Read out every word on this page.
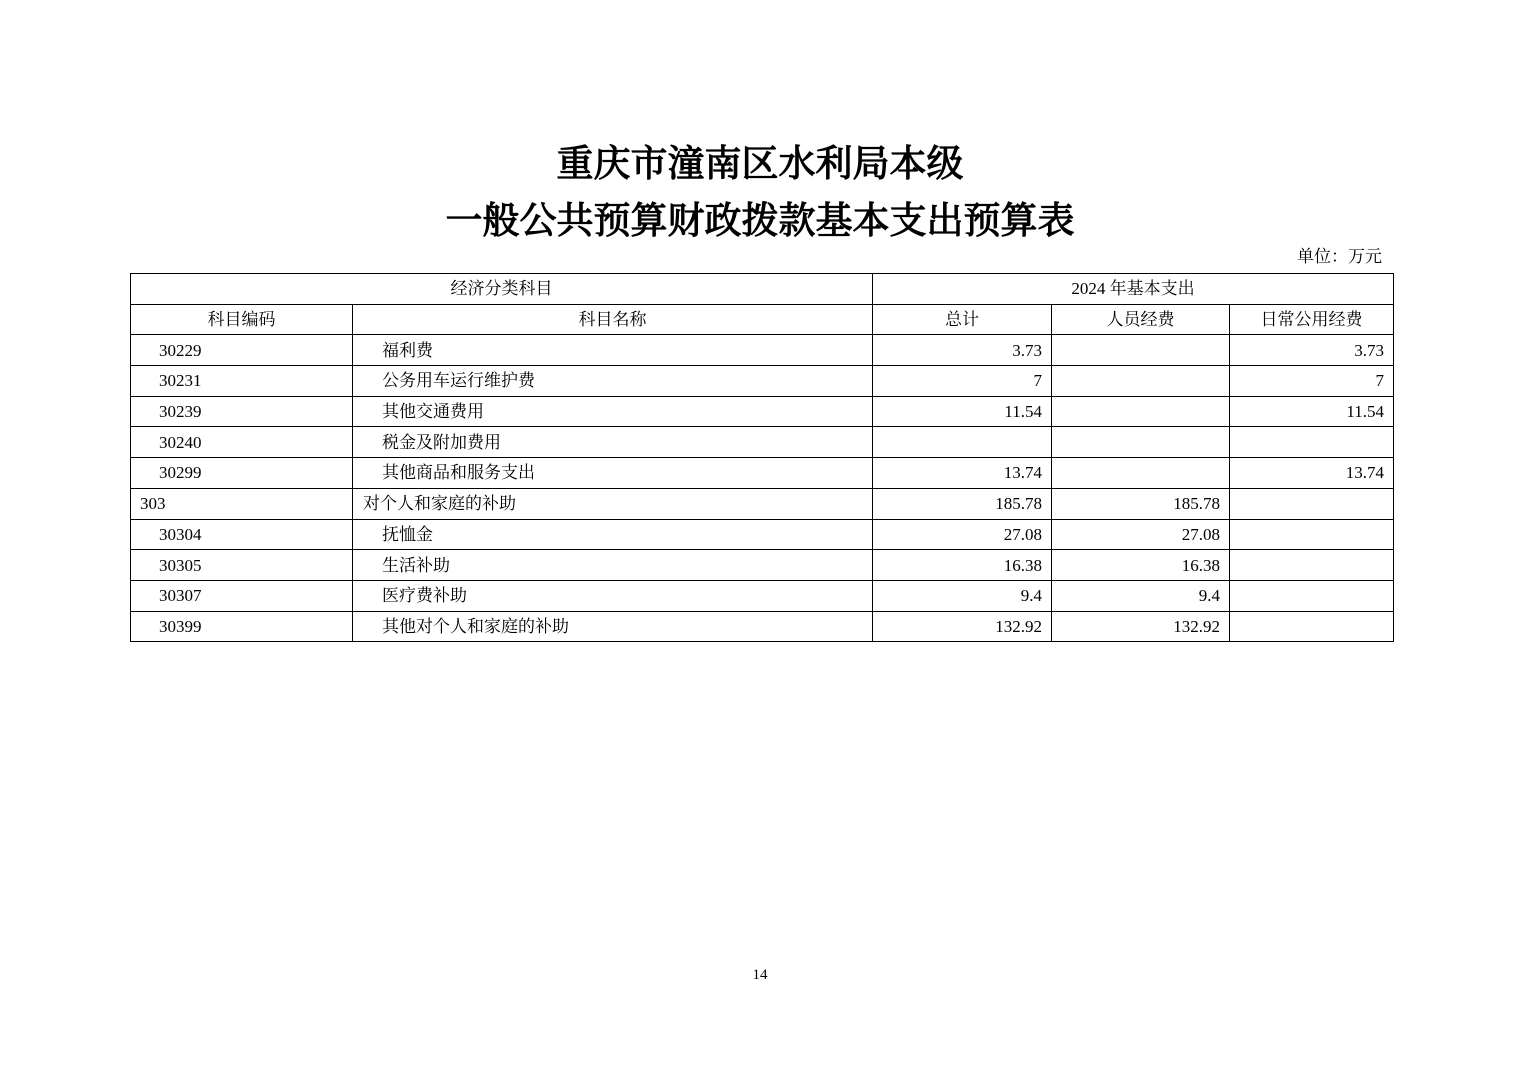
重庆市潼南区水利局本级
一般公共预算财政拨款基本支出预算表
单位：万元
经济分类科目		2024 年基本支出		
科目编码	科目名称	总计	人员经费	日常公用经费
30229	福利费	3.73		3.73
30231	公务用车运行维护费	7		7
30239	其他交通费用	11.54		11.54
30240	税金及附加费用			
30299	其他商品和服务支出	13.74		13.74
303	对个人和家庭的补助	185.78	185.78	
30304	抚恤金	27.08	27.08	
30305	生活补助	16.38	16.38	
30307	医疗费补助	9.4	9.4	
30399	其他对个人和家庭的补助	132.92	132.92	
14
